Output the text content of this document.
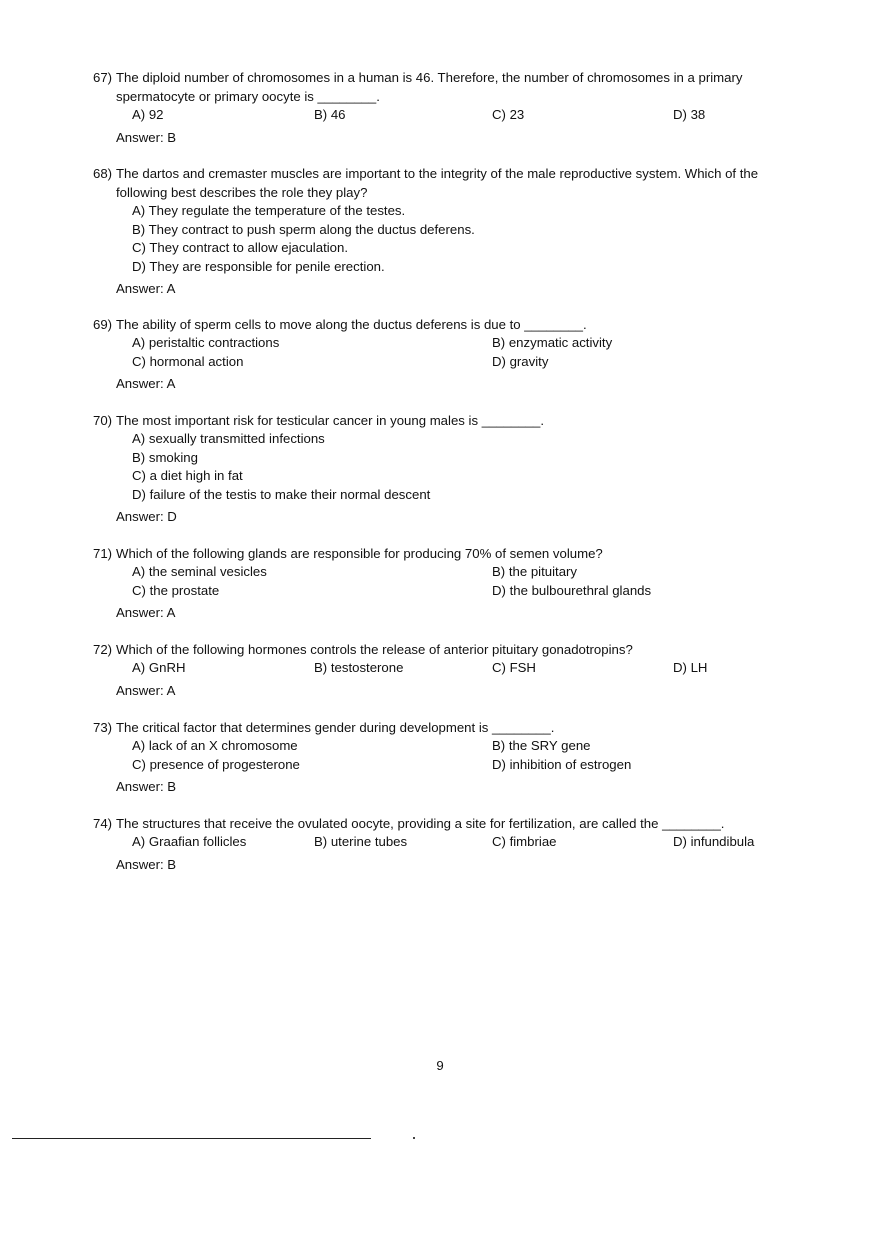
67) The diploid number of chromosomes in a human is 46. Therefore, the number of chromosomes in a primary spermatocyte or primary oocyte is ________.
A) 92	B) 46	C) 23	D) 38
Answer: B
68) The dartos and cremaster muscles are important to the integrity of the male reproductive system. Which of the following best describes the role they play?
A) They regulate the temperature of the testes.
B) They contract to push sperm along the ductus deferens.
C) They contract to allow ejaculation.
D) They are responsible for penile erection.
Answer: A
69) The ability of sperm cells to move along the ductus deferens is due to ________.
A) peristaltic contractions	B) enzymatic activity
C) hormonal action	D) gravity
Answer: A
70) The most important risk for testicular cancer in young males is ________.
A) sexually transmitted infections
B) smoking
C) a diet high in fat
D) failure of the testis to make their normal descent
Answer: D
71) Which of the following glands are responsible for producing 70% of semen volume?
A) the seminal vesicles	B) the pituitary
C) the prostate	D) the bulbourethral glands
Answer: A
72) Which of the following hormones controls the release of anterior pituitary gonadotropins?
A) GnRH	B) testosterone	C) FSH	D) LH
Answer: A
73) The critical factor that determines gender during development is ________.
A) lack of an X chromosome	B) the SRY gene
C) presence of progesterone	D) inhibition of estrogen
Answer: B
74) The structures that receive the ovulated oocyte, providing a site for fertilization, are called the ________.
A) Graafian follicles	B) uterine tubes	C) fimbriae	D) infundibula
Answer: B
9
